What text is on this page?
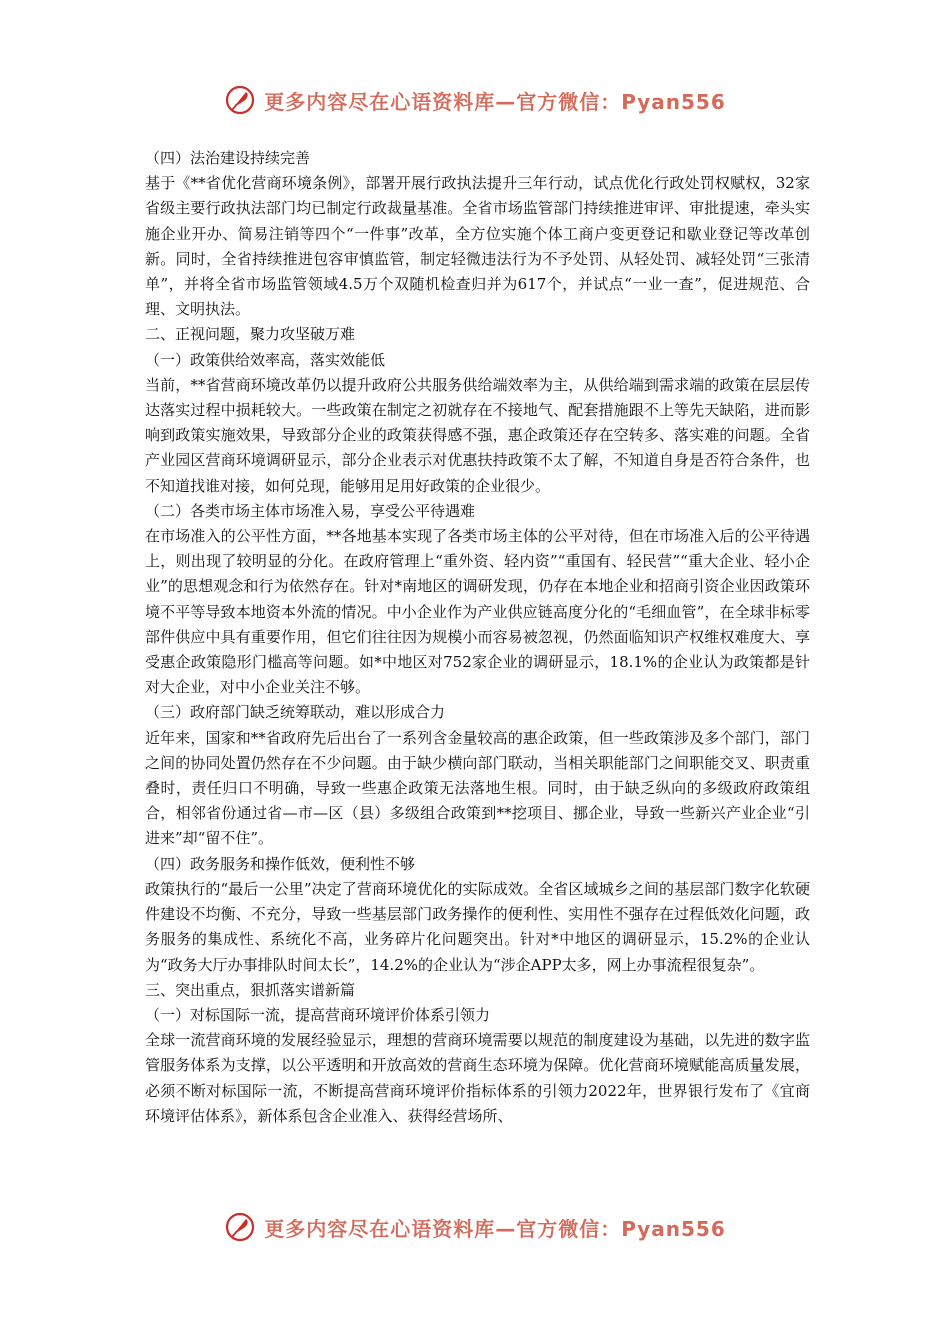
更多内容尽在心语资料库—官方微信：Pyan556

（四）法治建设持续完善

基于《**省优化营商环境条例》，部署开展行政执法提升三年行动，试点优化行政处罚权赋权，32家省级主要行政执法部门均已制定行政裁量基准。全省市场监管部门持续推进审评、审批提速，牵头实施企业开办、简易注销等四个“一件事”改革，全方位实施个体工商户变更登记和歇业登记等改革创新。同时，全省持续推进包容审慎监管，制定轻微违法行为不予处罚、从轻处罚、减轻处罚“三张清单”，并将全省市场监管领域4.5万个双随机检查归并为617个，并试点“一业一查”，促进规范、合理、文明执法。

二、正视问题，聚力攻坚破万难

（一）政策供给效率高，落实效能低

当前，**省营商环境改革仍以提升政府公共服务供给端效率为主，从供给端到需求端的政策在层层传达落实过程中损耗较大。一些政策在制定之初就存在不接地气、配套措施跟不上等先天缺陷，进而影响到政策实施效果，导致部分企业的政策获得感不强，惠企政策还存在空转多、落实难的问题。全省产业园区营商环境调研显示，部分企业表示对优惠扶持政策不太了解，不知道自身是否符合条件，也不知道找谁对接，如何兑现，能够用足用好政策的企业很少。

（二）各类市场主体市场准入易，享受公平待遇难

在市场准入的公平性方面，**各地基本实现了各类市场主体的公平对待，但在市场准入后的公平待遇上，则出现了较明显的分化。在政府管理上“重外资、轻内资”“重国有、轻民营”“重大企业、轻小企业”的思想观念和行为依然存在。针对*南地区的调研发现，仍存在本地企业和招商引资企业因政策环境不平等导致本地资本外流的情况。中小企业作为产业供应链高度分化的“毛细血管”，在全球非标零部件供应中具有重要作用，但它们往往因为规模小而容易被忽视，仍然面临知识产权维权难度大、享受惠企政策隐形门槛高等问题。如*中地区对752家企业的调研显示，18.1%的企业认为政策都是针对大企业，对中小企业关注不够。

（三）政府部门缺乏统筹联动，难以形成合力

近年来，国家和**省政府先后出台了一系列含金量较高的惠企政策，但一些政策涉及多个部门，部门之间的协同处置仍然存在不少问题。由于缺少横向部门联动，当相关职能部门之间职能交叉、职责重叠时，责任归口不明确，导致一些惠企政策无法落地生根。同时，由于缺乏纵向的多级政府政策组合，相邻省份通过省—市—区（县）多级组合政策到**挖项目、挪企业，导致一些新兴产业企业“引进来”却“留不住”。

（四）政务服务和操作低效，便利性不够

政策执行的“最后一公里”决定了营商环境优化的实际成效。全省区域城乡之间的基层部门数字化软硬件建设不均衡、不充分，导致一些基层部门政务操作的便利性、实用性不强存在过程低效化问题，政务服务的集成性、系统化不高，业务碎片化问题突出。针对*中地区的调研显示，15.2%的企业认为“政务大厅办事排队时间太长”，14.2%的企业认为“涉企APP太多，网上办事流程很复杂”。

三、突出重点，狠抓落实谱新篇

（一）对标国际一流，提高营商环境评价体系引领力

全球一流营商环境的发展经验显示，理想的营商环境需要以规范的制度建设为基础，以先进的数字监管服务体系为支撑，以公平透明和开放高效的营商生态环境为保障。优化营商环境赋能高质量发展，必须不断对标国际一流，不断提高营商环境评价指标体系的引领力2022年，世界银行发布了《宜商环境评估体系》，新体系包含企业准入、获得经营场所、

更多内容尽在心语资料库—官方微信：Pyan556
